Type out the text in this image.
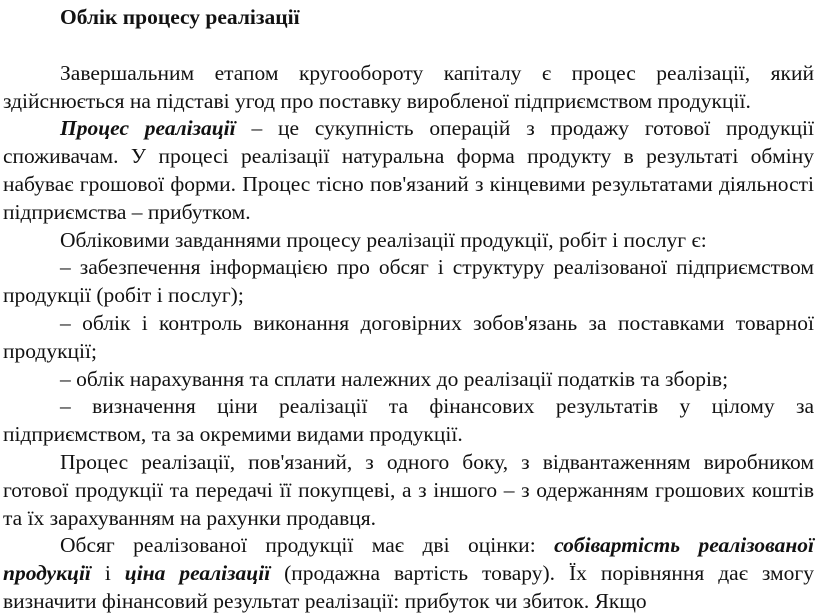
Облік процесу реалізації

Завершальним етапом кругообороту капіталу є процес реалізації, який здійснюється на підставі угод про поставку виробленої підприємством продукції.

Процес реалізації – це сукупність операцій з продажу готової продукції споживачам. У процесі реалізації натуральна форма продукту в результаті обміну набуває грошової форми. Процес тісно пов'язаний з кінцевими результатами діяльності підприємства – прибутком.

Обліковими завданнями процесу реалізації продукції, робіт і послуг є:

– забезпечення інформацією про обсяг і структуру реалізованої підприємством продукції (робіт і послуг);

– облік і контроль виконання договірних зобов'язань за поставками товарної продукції;

– облік нарахування та сплати належних до реалізації податків та зборів;

– визначення ціни реалізації та фінансових результатів у цілому за підприємством, та за окремими видами продукції.

Процес реалізації, пов'язаний, з одного боку, з відвантаженням виробником готової продукції та передачі її покупцеві, а з іншого – з одержанням грошових коштів та їх зарахуванням на рахунки продавця.

Обсяг реалізованої продукції має дві оцінки: собівартість реалізованої продукції і ціна реалізації (продажна вартість товару). Їх порівняння дає змогу визначити фінансовий результат реалізації: прибуток чи збиток. Якщо
